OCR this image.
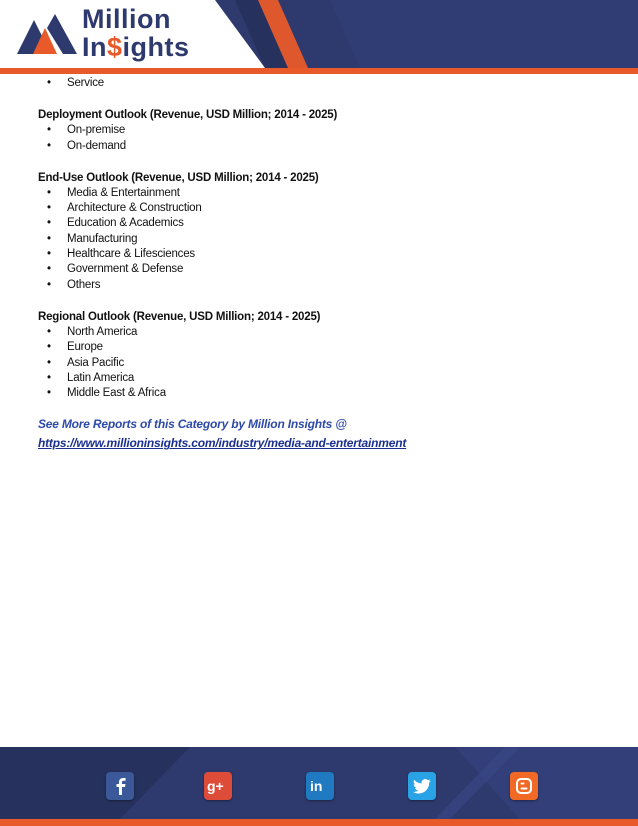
Million
In$ights
• Service
Deployment Outlook (Revenue, USD Million; 2014 - 2025)
• On-premise
• On-demand
End-Use Outlook (Revenue, USD Million; 2014 - 2025)
• Media & Entertainment
• Architecture & Construction
• Education & Academics
• Manufacturing
• Healthcare & Lifesciences
• Government & Defense
• Others
Regional Outlook (Revenue, USD Million; 2014 - 2025)
• North America
• Europe
• Asia Pacific
• Latin America
• Middle East & Africa
See More Reports of this Category by Million Insights @
https://www.millioninsights.com/industry/media-and-entertainment
g+	in
